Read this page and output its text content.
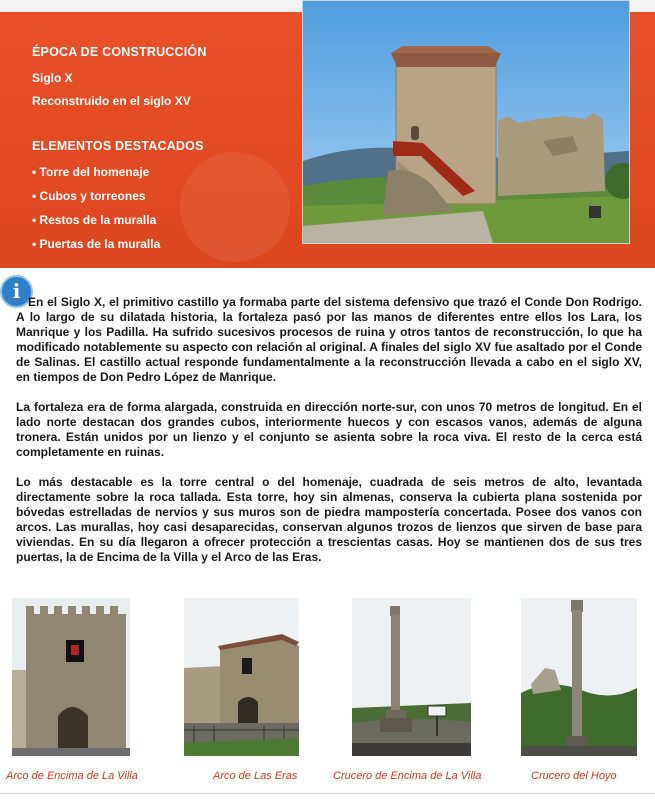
ÉPOCA DE CONSTRUCCIÓN
Siglo X
Reconstruido en el siglo XV
ELEMENTOS DESTACADOS
• Torre del homenaje
• Cubos y torreones
• Restos de la muralla
• Puertas de la muralla
i En el Siglo X, el primitivo castillo ya formaba parte del sistema defensivo que trazó el Conde Don Rodrigo. A lo largo de su dilatada historia, la fortaleza pasó por las manos de diferentes entre ellos los Lara, los Manrique y los Padilla. Ha sufrido sucesivos procesos de ruina y otros tantos de reconstrucción, lo que ha modificado notablemente su aspecto con relación al original. A finales del siglo XV fue asaltado por el Conde de Salinas. El castillo actual responde fundamentalmente a la reconstrucción llevada a cabo en el siglo XV, en tiempos de Don Pedro López de Manrique.

La fortaleza era de forma alargada, construida en dirección norte-sur, con unos 70 metros de longitud. En el lado norte destacan dos grandes cubos, interiormente huecos y con escasos vanos, además de alguna tronera. Están unidos por un lienzo y el conjunto se asienta sobre la roca viva. El resto de la cerca está completamente en ruinas.

Lo más destacable es la torre central o del homenaje, cuadrada de seis metros de alto, levantada directamente sobre la roca tallada. Esta torre, hoy sin almenas, conserva la cubierta plana sostenida por bóvedas estrelladas de nervios y sus muros son de piedra mampostería concertada. Posee dos vanos con arcos. Las murallas, hoy casi desaparecidas, conservan algunos trozos de lienzos que sirven de base para viviendas. En su día llegaron a ofrecer protección a trescientas casas. Hoy se mantienen dos de sus tres puertas, la de Encima de la Villa y el Arco de las Eras.

Arco de Encima de La Villa	Arco de Las Eras	Crucero de Encima de La Villa	Crucero del Hoyo
